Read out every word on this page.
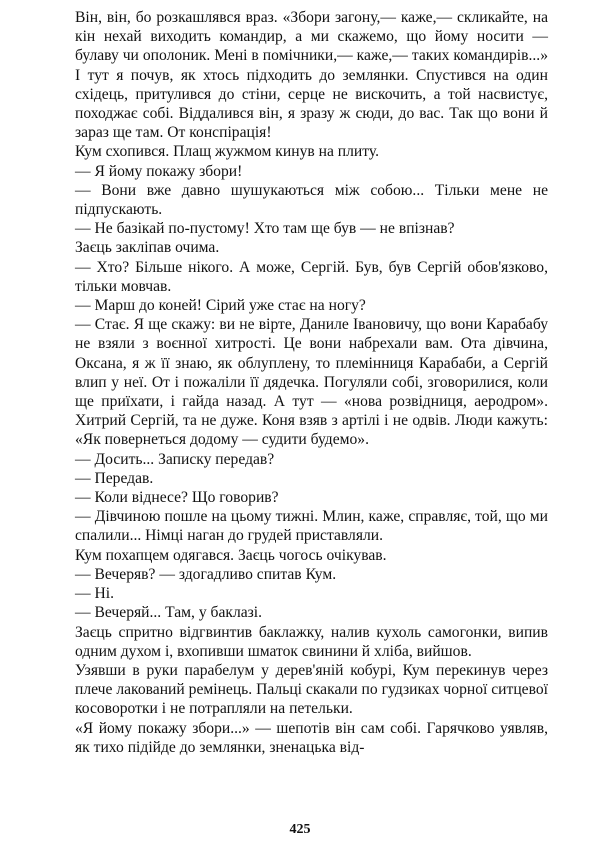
Він, він, бо розкашлявся враз. «Збори загону,— каже,— скликайте, на кін нехай виходить командир, а ми скажемо, що йому носити — булаву чи ополоник. Мені в помічники,— каже,— таких командирів...» І тут я почув, як хтось підходить до землянки. Спустився на один східець, притулився до стіни, серце не вискочить, а той насвистує, походжає собі. Віддалився він, я зразу ж сюди, до вас. Так що вони й зараз ще там. От конспірація!

Кум схопився. Плащ жужмом кинув на плиту.

— Я йому покажу збори!

— Вони вже давно шушукаються між собою... Тільки мене не підпускають.

— Не базікай по-пустому! Хто там ще був — не впізнав?

Заєць закліпав очима.

— Хто? Більше нікого. А може, Сергій. Був, був Сергій обов'язково, тільки мовчав.

— Марш до коней! Сірий уже стає на ногу?

— Стає. Я ще скажу: ви не вірте, Даниле Івановичу, що вони Карабабу не взяли з воєнної хитрості. Це вони набрехали вам. Ота дівчина, Оксана, я ж її знаю, як облуплену, то племінниця Карабаби, а Сергій влип у неї. От і пожаліли її дядечка. Погуляли собі, зговорилися, коли ще приїхати, і гайда назад. А тут — «нова розвідниця, аеродром». Хитрий Сергій, та не дуже. Коня взяв з артілі і не одвів. Люди кажуть: «Як повернеться додому — судити будемо».

— Досить... Записку передав?

— Передав.

— Коли віднесе? Що говорив?

— Дівчиною пошле на цьому тижні. Млин, каже, справляє, той, що ми спалили... Німці наган до грудей приставляли.

Кум похапцем одягався. Заєць чогось очікував.

— Вечеряв? — здогадливо спитав Кум.

— Ні.

— Вечеряй... Там, у баклазі.

Заєць спритно відгвинтив баклажку, налив кухоль самогонки, випив одним духом і, вхопивши шматок свинини й хліба, вийшов.

Узявши в руки парабелум у дерев'яній кобурі, Кум перекинув через плече лакований ремінець. Пальці скакали по гудзиках чорної ситцевої косоворотки і не потрапляли на петельки.

«Я йому покажу збори...» — шепотів він сам собі. Гарячково уявляв, як тихо підійде до землянки, зненацька від-

425
